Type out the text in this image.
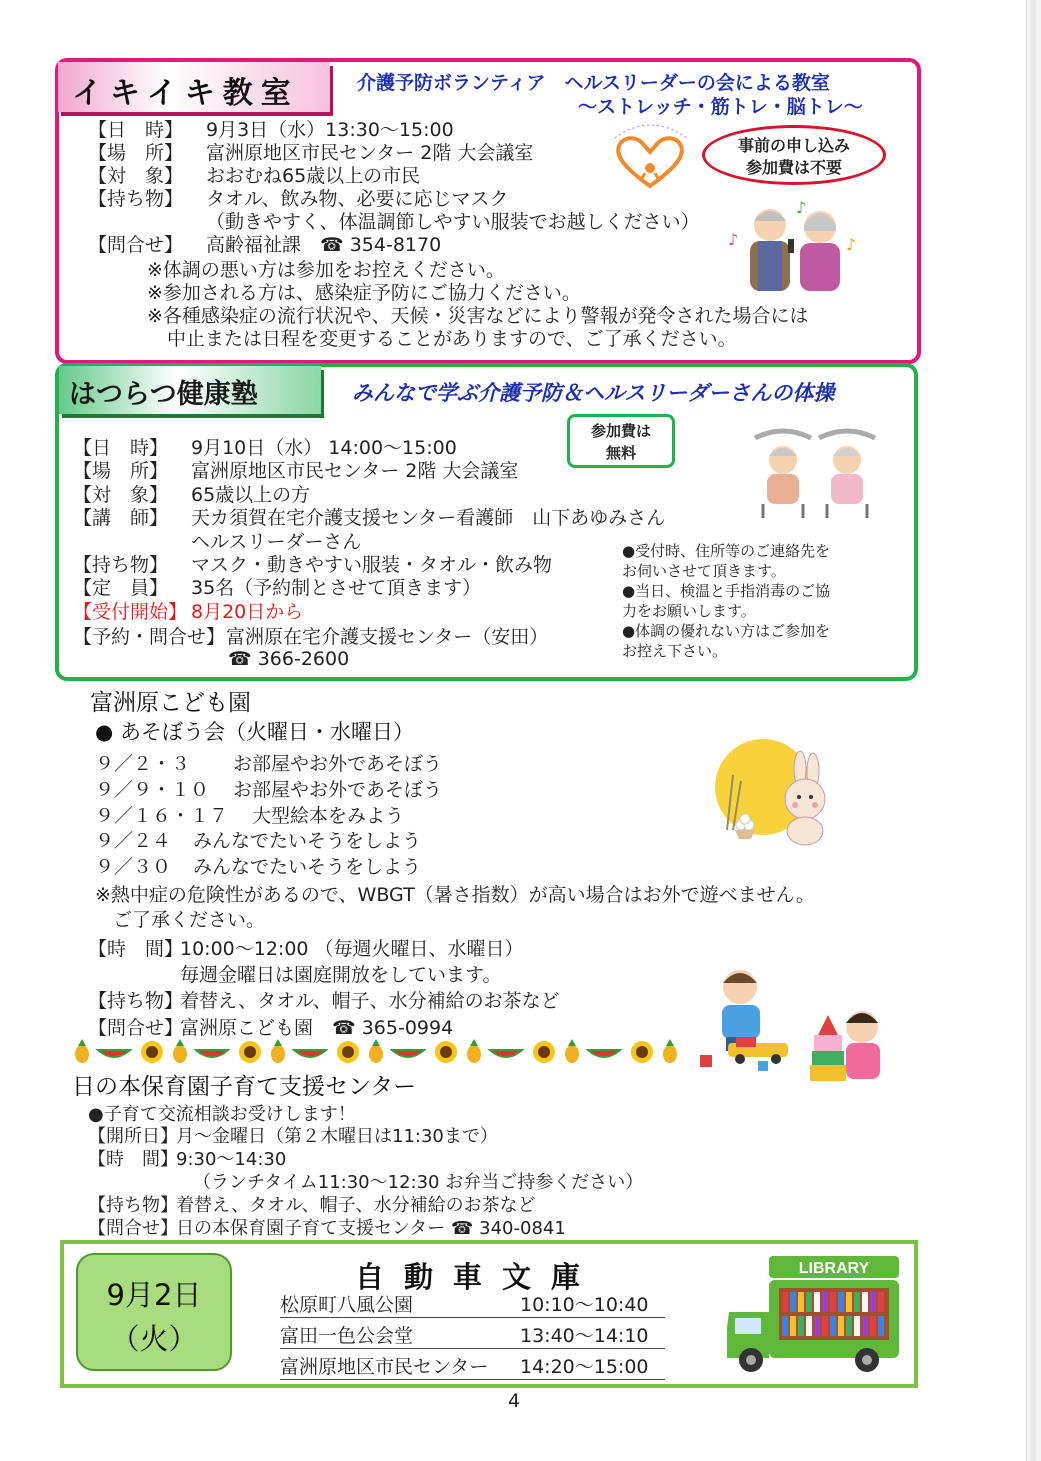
イキイキ教室	介護予防ボランティア　ヘルスリーダーの会による教室
～ストレッチ・筋トレ・脳トレ～
【日　時】 9月3日（水）13:30～15:00
【場　所】 富洲原地区市民センター 2階 大会議室
【対　象】 おおむね65歳以上の市民
【持ち物】 タオル、飲み物、必要に応じマスク
（動きやすく、体温調節しやすい服装でお越しください）
【問合せ】 高齢福祉課　☎ 354-8170
※体調の悪い方は参加をお控えください。
※参加される方は、感染症予防にご協力ください。
※各種感染症の流行状況や、天候・災害などにより警報が発令された場合には
中止または日程を変更することがありますので、ご了承ください。
事前の申し込み
参加費は不要
♪
♪
♪
はつらつ健康塾	みんなで学ぶ介護予防＆ヘルスリーダーさんの体操
参加費は
無料
【日　時】 9月10日（水） 14:00～15:00
【場　所】 富洲原地区市民センター 2階 大会議室
【対　象】 65歳以上の方
【講　師】 天カ須賀在宅介護支援センター看護師　山下あゆみさん
ヘルスリーダーさん
【持ち物】 マスク・動きやすい服装・タオル・飲み物
【定　員】 35名（予約制とさせて頂きます）
【受付開始】 8月20日から
【予約・問合せ】 富洲原在宅介護支援センター（安田）
☎ 366-2600
●受付時、住所等のご連絡先を
お伺いさせて頂きます。
●当日、検温と手指消毒のご協
力をお願いします。
●体調の優れない方はご参加を
お控え下さい。
富洲原こども園
● あそぼう会（火曜日・水曜日）
９／２・３ お部屋やお外であそぼう
９／９・１０ お部屋やお外であそぼう
９／１６・１７ 大型絵本をみよう
９／２４ みんなでたいそうをしよう
９／３０ みんなでたいそうをしよう
※熱中症の危険性があるので、WBGT（暑さ指数）が高い場合はお外で遊べません。
ご了承ください。
【時　間】
10:00～12:00 （毎週火曜日、水曜日）
毎週金曜日は園庭開放をしています。
【持ち物】
着替え、タオル、帽子、水分補給のお茶など
【問合せ】
富洲原こども園　☎ 365-0994
日の本保育園子育て支援センター
●子育て交流相談お受けします！
【開所日】
月～金曜日（第２木曜日は11:30まで）
【時　間】
9:30～14:30
（ランチタイム11:30～12:30 お弁当ご持参ください）
【持ち物】
着替え、タオル、帽子、水分補給のお茶など
【問合せ】
日の本保育園子育て支援センター ☎ 340-0841
9月2日
（火）
自動車文庫
松原町八風公園	10:10～10:40
富田一色公会堂	13:40～14:10
富洲原地区市民センター 14:20～15:00
LIBRARY
4
